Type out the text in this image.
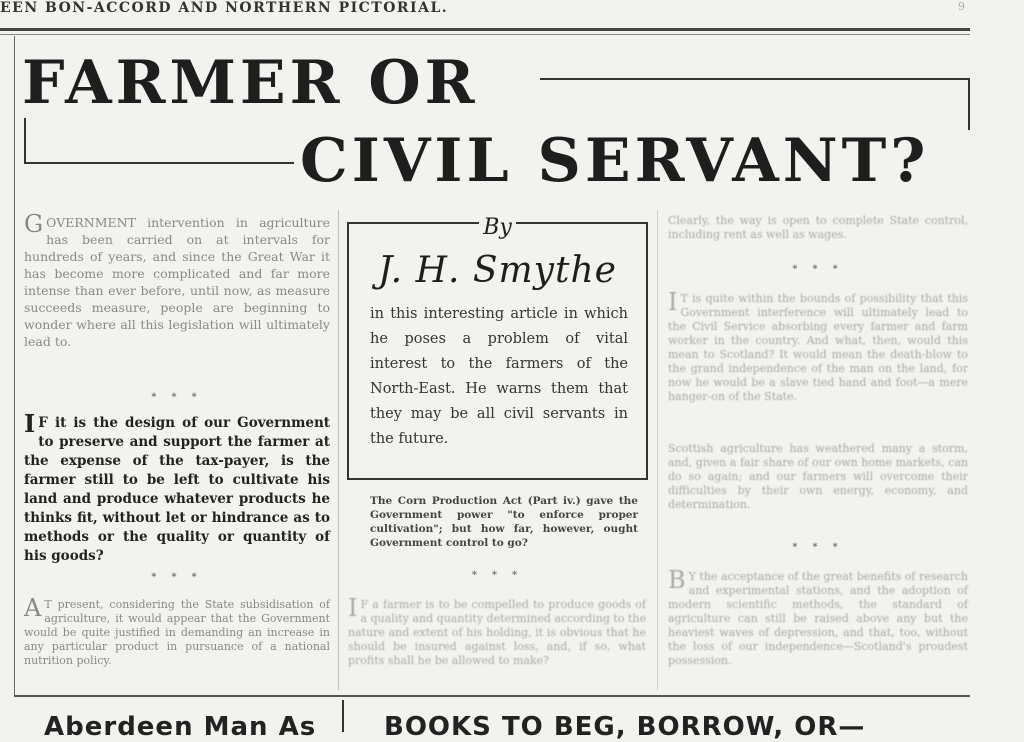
EEN BON-ACCORD AND NORTHERN PICTORIAL.	9
FARMER OR
CIVIL SERVANT?
GOVERNMENT intervention in agriculture has been carried on at intervals for hundreds of years, and since the Great War it has become more complicated and far more intense than ever before, until now, as measure succeeds measure, people are beginning to wonder where all this legislation will ultimately lead to.
* * *
I F it is the design of our Government to preserve and support the farmer at the expense of the tax-payer, is the farmer still to be left to cultivate his land and produce whatever products he thinks fit, without let or hindrance as to methods or the quality or quantity of his goods?
* * *
A T present, considering the State subsidisation of agriculture, it would appear that the Government would be quite justified in demanding an increase in any particular product in pursuance of a national nutrition policy.
By
J. H. Smythe
in this interesting article in which he poses a problem of vital interest to the farmers of the North-East. He warns them that they may be all civil servants in the future.
The Corn Production Act (Part iv.) gave the Government power "to enforce proper cultivation"; but how far, however, ought Government control to go?
* * *
I F a farmer is to be compelled to produce goods of a quality and quantity determined according to the nature and extent of his holding, it is obvious that he should be insured against loss, and, if so, what profits shall he be allowed to make?
Clearly, the way is open to complete State control, including rent as well as wages.
* * *
I T is quite within the bounds of possibility that this Government interference will ultimately lead to the Civil Service absorbing every farmer and farm worker in the country. And what, then, would this mean to Scotland? It would mean the death-blow to the grand independence of the man on the land, for now he would be a slave tied hand and foot—a mere hanger-on of the State.
Scottish agriculture has weathered many a storm, and, given a fair share of our own home markets, can do so again; and our farmers will overcome their difficulties by their own energy, economy, and determination.
* * *
B Y the acceptance of the great benefits of research and experimental stations, and the adoption of modern scientific methods, the standard of agriculture can still be raised above any but the heaviest waves of depression, and that, too, without the loss of our independence—Scotland's proudest possession.
Aberdeen Man As	BOOKS TO BEG, BORROW, OR—
